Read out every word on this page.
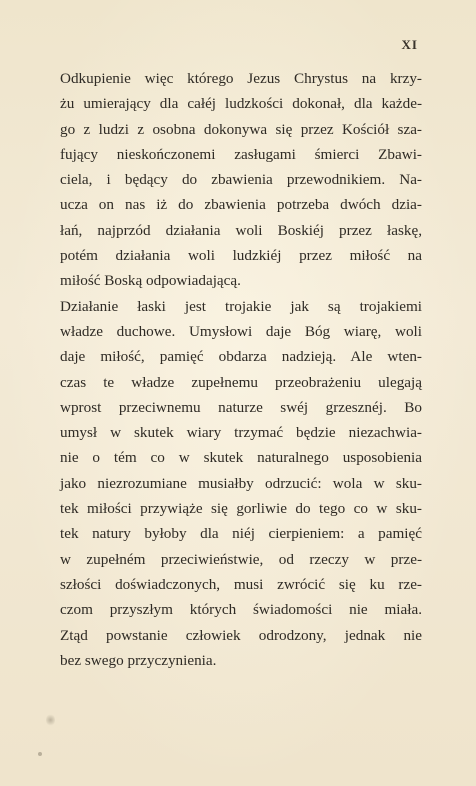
XI
Odkupienie więc którego Jezus Chrystus na krzy-
żu umierający dla całéj ludzkości dokonał, dla każde-
go z ludzi z osobna dokonywa się przez Kościół sza-
fujący nieskończonemi zasługami śmierci Zbawi-
ciela, i będący do zbawienia przewodnikiem. Na-
ucza on nas iż do zbawienia potrzeba dwóch dzia-
łań, najprzód działania woli Boskiéj przez łaskę,
potém działania woli ludzkiéj przez miłość na
miłość Boską odpowiadającą.
Działanie łaski jest trojakie jak są trojakiemi
władze duchowe. Umysłowi daje Bóg wiarę, woli
daje miłość, pamięć obdarza nadzieją. Ale wten-
czas te władze zupełnemu przeobrażeniu ulegają
wprost przeciwnemu naturze swéj grzesznéj. Bo
umysł w skutek wiary trzymać będzie niezachwia-
nie o tém co w skutek naturalnego usposobienia
jako niezrozumiane musiałby odrzucić: wola w sku-
tek miłości przywiąże się gorliwie do tego co w sku-
tek natury byłoby dla niéj cierpieniem: a pamięć
w zupełném przeciwieństwie, od rzeczy w prze-
szłości doświadczonych, musi zwrócić się ku rze-
czom przyszłym których świadomości nie miała.
Ztąd powstanie człowiek odrodzony, jednak nie
bez swego przyczynienia.
